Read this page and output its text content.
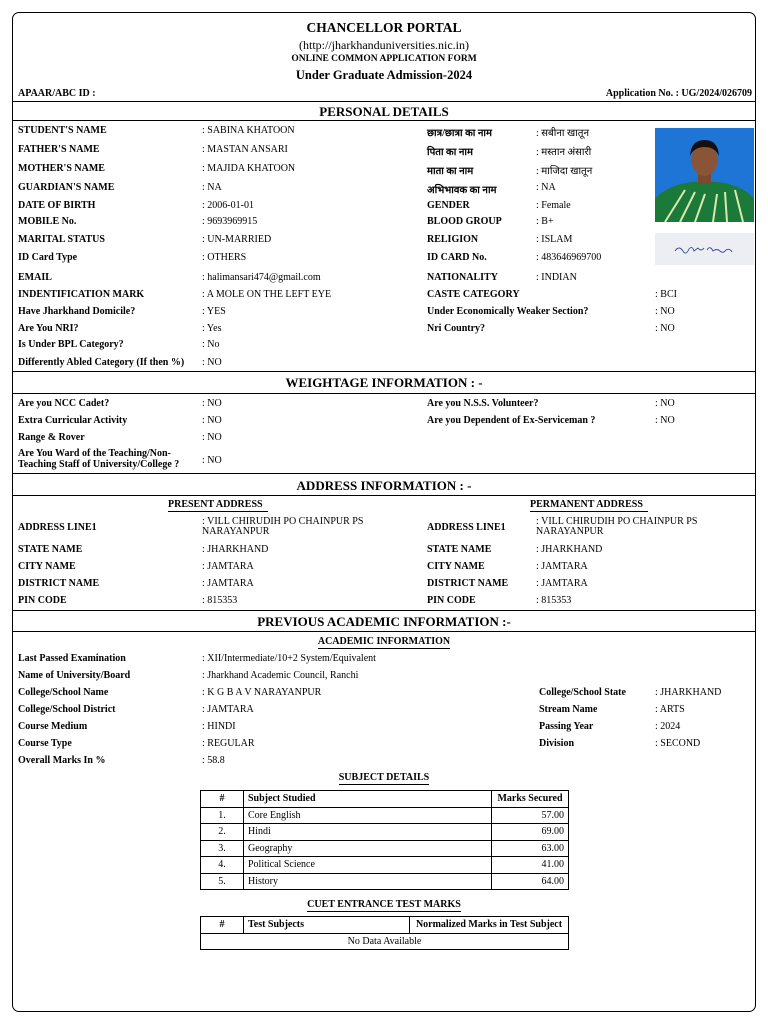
CHANCELLOR PORTAL
(http://jharkhanduniversities.nic.in)
ONLINE COMMON APPLICATION FORM
Under Graduate Admission-2024
APAAR/ABC ID :	Application No. : UG/2024/026709
PERSONAL DETAILS
STUDENT'S NAME	: SABINA KHATOON	छात्र/छात्रा का नाम	: सबीना खातून
FATHER'S NAME	: MASTAN ANSARI	पिता का नाम	: मस्तान अंसारी
MOTHER'S NAME	: MAJIDA KHATOON	माता का नाम	: माजिदा खातून
GUARDIAN'S NAME	: NA	अभिभावक का नाम	: NA
DATE OF BIRTH	: 2006-01-01	GENDER	: Female
MOBILE No.	: 9693969915	BLOOD GROUP	: B+
MARITAL STATUS	: UN-MARRIED	RELIGION	: ISLAM
ID Card Type	: OTHERS	ID CARD No.	: 483646969700
EMAIL	: halimansari474@gmail.com	NATIONALITY	: INDIAN
INDENTIFICATION MARK	: A MOLE ON THE LEFT EYE	CASTE CATEGORY	: BCI
Have Jharkhand Domicile?	: YES	Under Economically Weaker Section?	: NO
Are You NRI?	: Yes	Nri Country?	: NO
Is Under BPL Category?	: No
Differently Abled Category (If then %) : NO
WEIGHTAGE INFORMATION : -
Are you NCC Cadet?	: NO	Are you N.S.S. Volunteer?	: NO
Extra Curricular Activity	: NO	Are you Dependent of Ex-Serviceman ?	: NO
Range & Rover	: NO
Are You Ward of the Teaching/Non-
Teaching Staff of University/College ? : NO
ADDRESS INFORMATION : -
PRESENT ADDRESS	PERMANENT ADDRESS
ADDRESS LINE1
: VILL CHIRUDIH PO CHAINPUR PS
NARAYANPUR	ADDRESS LINE1
: VILL CHIRUDIH PO CHAINPUR PS
NARAYANPUR
STATE NAME	: JHARKHAND	STATE NAME	: JHARKHAND
CITY NAME	: JAMTARA	CITY NAME	: JAMTARA
DISTRICT NAME	: JAMTARA	DISTRICT NAME	: JAMTARA
PIN CODE	: 815353	PIN CODE	: 815353
PREVIOUS ACADEMIC INFORMATION :-
ACADEMIC INFORMATION
Last Passed Examination	: XII/Intermediate/10+2 System/Equivalent
Name of University/Board	: Jharkhand Academic Council, Ranchi
College/School Name	: K G B A V NARAYANPUR	College/School State	: JHARKHAND
College/School District	: JAMTARA	Stream Name	: ARTS
Course Medium	: HINDI	Passing Year	: 2024
Course Type	: REGULAR	Division	: SECOND
Overall Marks In %	: 58.8
SUBJECT DETAILS
#	Subject Studied	Marks Secured
1.	Core English	57.00
2.	Hindi	69.00
3.	Geography	63.00
4.	Political Science	41.00
5.	History	64.00
CUET ENTRANCE TEST MARKS
#	Test Subjects	Normalized Marks in Test Subject
No Data Available
